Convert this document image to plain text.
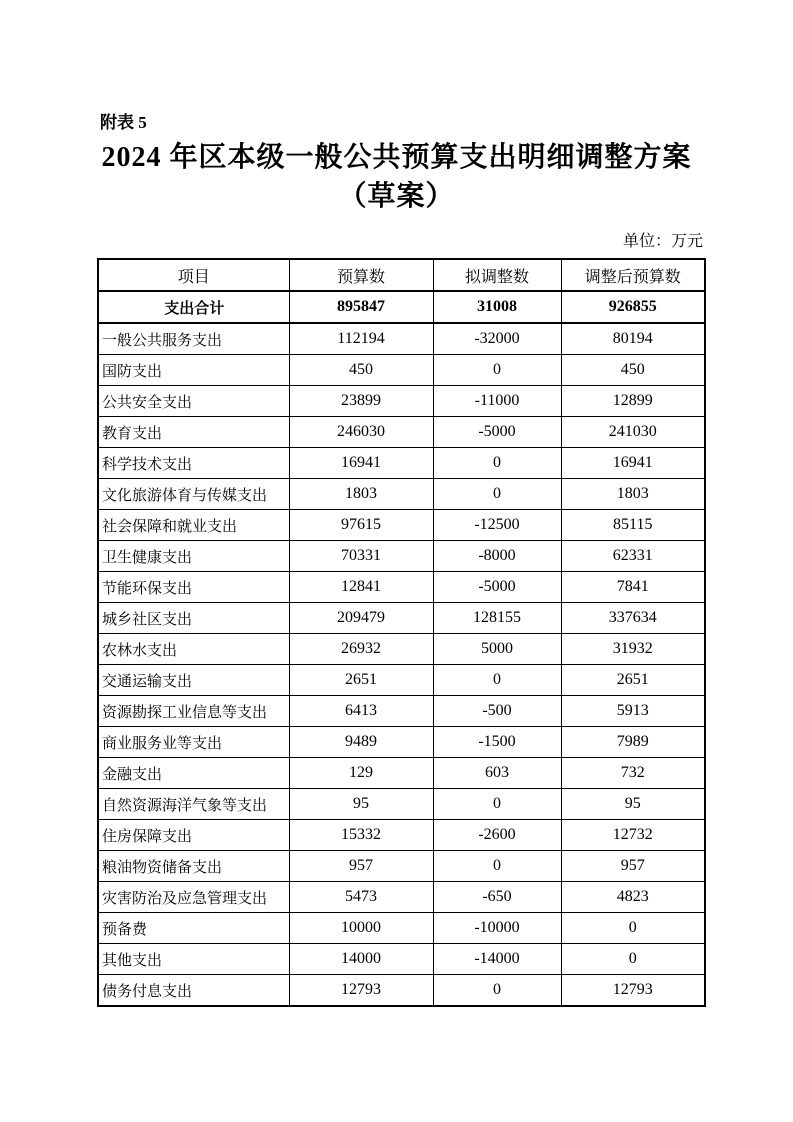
附表 5
2024 年区本级一般公共预算支出明细调整方案
（草案）
单位：万元
项目	预算数	拟调整数	调整后预算数
支出合计	895847	31008	926855
一般公共服务支出	112194	-32000	80194
国防支出	450	0	450
公共安全支出	23899	-11000	12899
教育支出	246030	-5000	241030
科学技术支出	16941	0	16941
文化旅游体育与传媒支出	1803	0	1803
社会保障和就业支出	97615	-12500	85115
卫生健康支出	70331	-8000	62331
节能环保支出	12841	-5000	7841
城乡社区支出	209479	128155	337634
农林水支出	26932	5000	31932
交通运输支出	2651	0	2651
资源勘探工业信息等支出	6413	-500	5913
商业服务业等支出	9489	-1500	7989
金融支出	129	603	732
自然资源海洋气象等支出	95	0	95
住房保障支出	15332	-2600	12732
粮油物资储备支出	957	0	957
灾害防治及应急管理支出	5473	-650	4823
预备费	10000	-10000	0
其他支出	14000	-14000	0
债务付息支出	12793	0	12793
